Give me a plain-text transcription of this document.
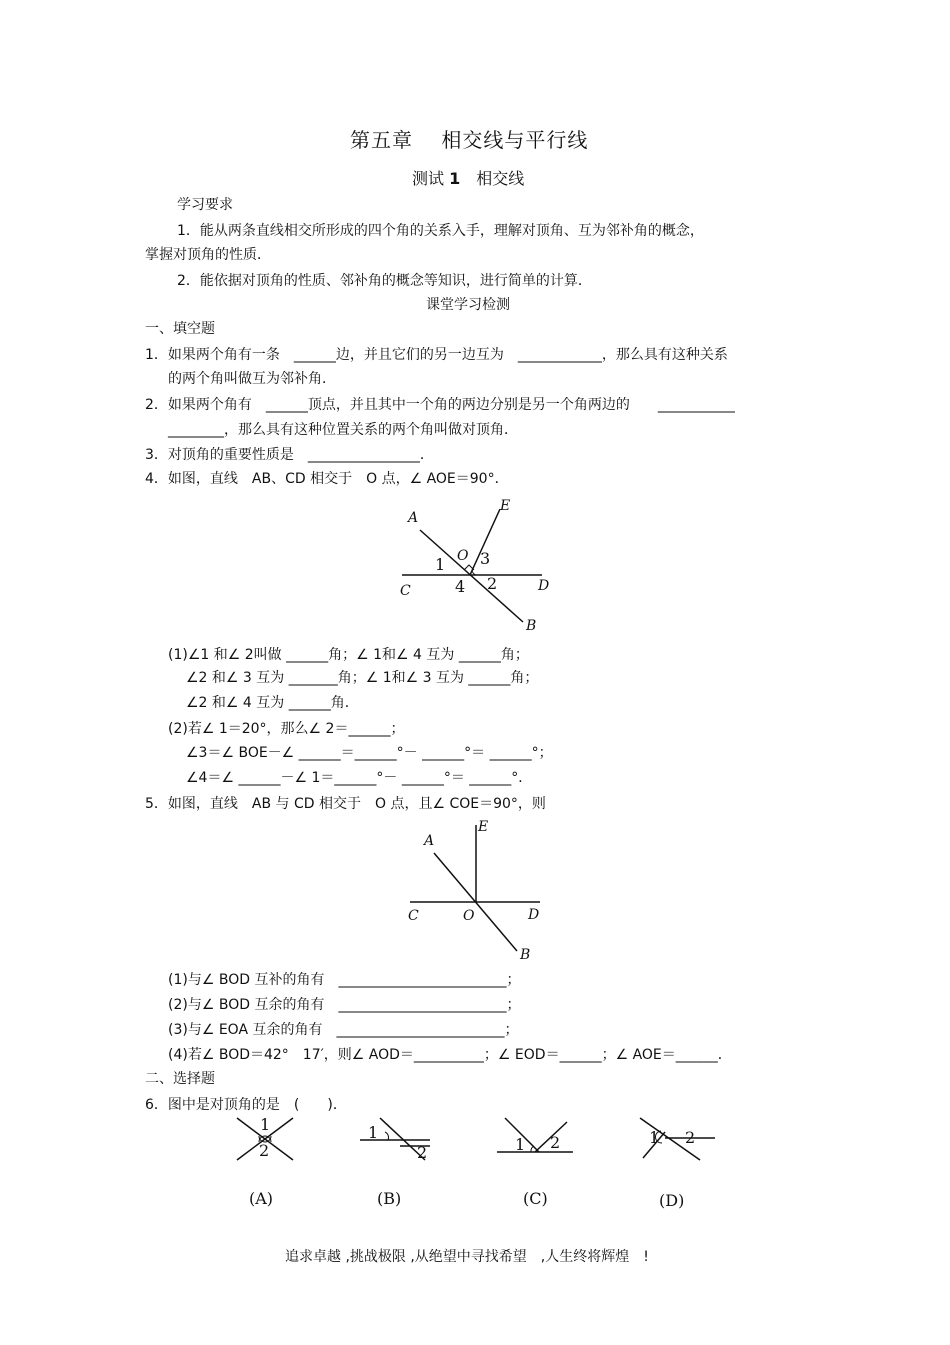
第五章　 相交线与平行线
测试 1　 相交线
学习要求
1．能从两条直线相交所形成的四个角的关系入手，理解对顶角、互为邻补角的概念，
掌握对顶角的性质．
2．能依据对顶角的性质、邻补角的概念等知识，进行简单的计算．
课堂学习检测
一、填空题
1．如果两个角有一条　______边，并且它们的另一边互为　____________，那么具有这种关系
的两个角叫做互为邻补角．
2．如果两个角有　______顶点，并且其中一个角的两边分别是另一个角两边的　　___________
________，那么具有这种位置关系的两个角叫做对顶角．
3．对顶角的重要性质是　________________．
4．如图，直线　AB、CD 相交于　O 点，∠ AOE＝90°．
A
E
O
C	D
B
1
2
3
4
(1)∠1 和∠ 2叫做 ______角；∠ 1和∠ 4 互为 ______角；
∠2 和∠ 3 互为 _______角；∠ 1和∠ 3 互为 ______角；
∠2 和∠ 4 互为 ______角．
(2)若∠ 1＝20°，那么∠ 2＝______；
∠3＝∠ BOE－∠ ______＝______°－ ______°＝ ______°；
∠4＝∠ ______－∠ 1＝______°－ ______°＝ ______°．
5．如图，直线　AB 与 CD 相交于　O 点，且∠ COE＝90°，则
A
E
O
C	D
B
(1)与∠ BOD 互补的角有　________________________；
(2)与∠ BOD 互余的角有　________________________；
(3)与∠ EOA 互余的角有　________________________；
(4)若∠ BOD＝42°　17′，则∠ AOD＝__________；∠ EOD＝______；∠ AOE＝______．
二、选择题
6．图中是对顶角的是　(　　)．
1
2
(A)
1
2
(B)
1 2
(C)
1 2
(D)
追求卓越 ,挑战极限 ,从绝望中寻找希望　,人生终将辉煌　!
